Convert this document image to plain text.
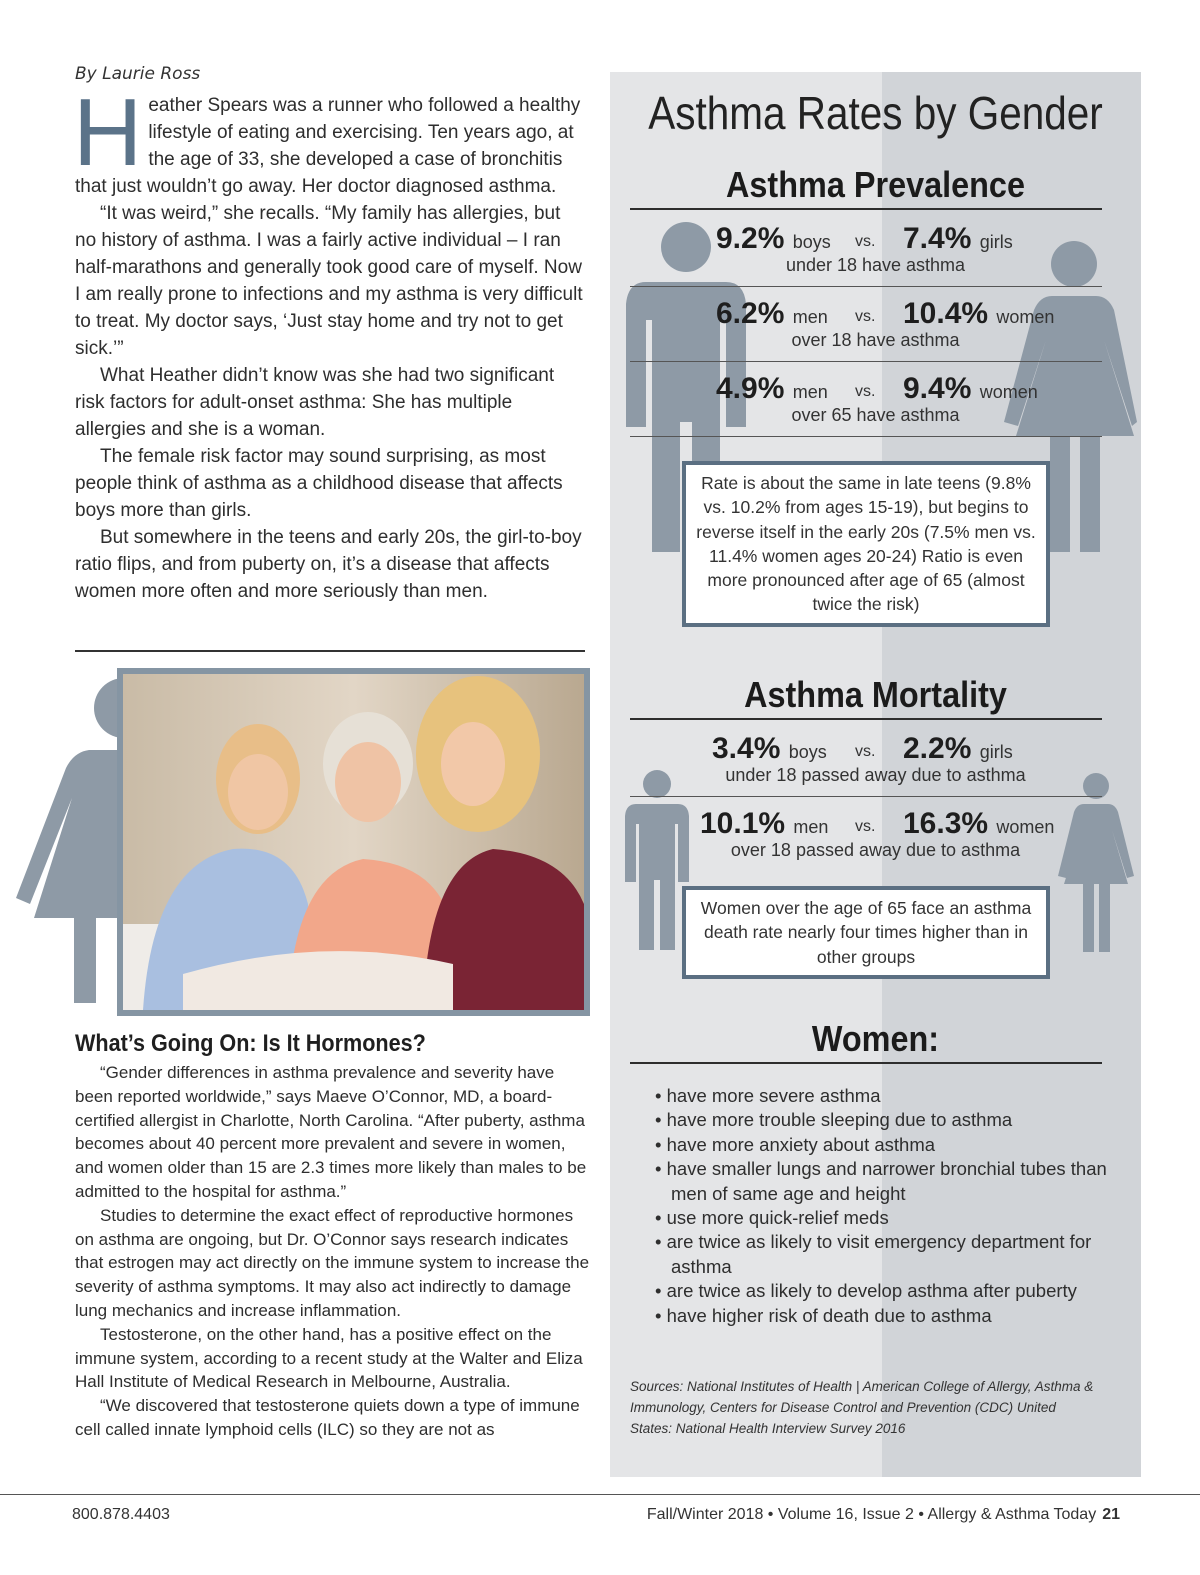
By Laurie Ross

Heather Spears was a runner who followed a healthy lifestyle of eating and exercising. Ten years ago, at the age of 33, she developed a case of bronchitis that just wouldn’t go away. Her doctor diagnosed asthma.

“It was weird,” she recalls. “My family has allergies, but no history of asthma. I was a fairly active individual – I ran half-marathons and generally took good care of myself. Now I am really prone to infections and my asthma is very difficult to treat. My doctor says, ‘Just stay home and try not to get sick.’”

What Heather didn’t know was she had two significant risk factors for adult-onset asthma: She has multiple allergies and she is a woman.

The female risk factor may sound surprising, as most people think of asthma as a childhood disease that affects boys more than girls.

But somewhere in the teens and early 20s, the girl-to-boy ratio flips, and from puberty on, it’s a disease that affects women more often and more seriously than men.

What’s Going On: Is It Hormones?

“Gender differences in asthma prevalence and severity have been reported worldwide,” says Maeve O’Connor, MD, a board-certified allergist in Charlotte, North Carolina. “After puberty, asthma becomes about 40 percent more prevalent and severe in women, and women older than 15 are 2.3 times more likely than males to be admitted to the hospital for asthma.”

Studies to determine the exact effect of reproductive hormones on asthma are ongoing, but Dr. O’Connor says research indicates that estrogen may act directly on the immune system to increase the severity of asthma symptoms. It may also act indirectly to damage lung mechanics and increase inflammation.

Testosterone, on the other hand, has a positive effect on the immune system, according to a recent study at the Walter and Eliza Hall Institute of Medical Research in Melbourne, Australia.

“We discovered that testosterone quiets down a type of immune cell called innate lymphoid cells (ILC) so they are not as

Asthma Rates by Gender
Asthma Prevalence
9.2% boys vs. 7.4% girls
under 18 have asthma
6.2% men vs. 10.4% women
over 18 have asthma
4.9% men vs. 9.4% women
over 65 have asthma
Rate is about the same in late teens (9.8% vs. 10.2% from ages 15-19), but begins to reverse itself in the early 20s (7.5% men vs. 11.4% women ages 20-24) Ratio is even more pronounced after age of 65 (almost twice the risk)
Asthma Mortality
3.4% boys vs. 2.2% girls
under 18 passed away due to asthma
10.1% men vs. 16.3% women
over 18 passed away due to asthma
Women over the age of 65 face an asthma death rate nearly four times higher than in other groups
Women:
• have more severe asthma
• have more trouble sleeping due to asthma
• have more anxiety about asthma
• have smaller lungs and narrower bronchial tubes than men of same age and height
• use more quick-relief meds
• are twice as likely to visit emergency department for asthma
• are twice as likely to develop asthma after puberty
• have higher risk of death due to asthma
Sources: National Institutes of Health | American College of Allergy, Asthma & Immunology, Centers for Disease Control and Prevention (CDC) United States: National Health Interview Survey 2016
800.878.4403	Fall/Winter 2018 • Volume 16, Issue 2 • Allergy & Asthma Today 21
